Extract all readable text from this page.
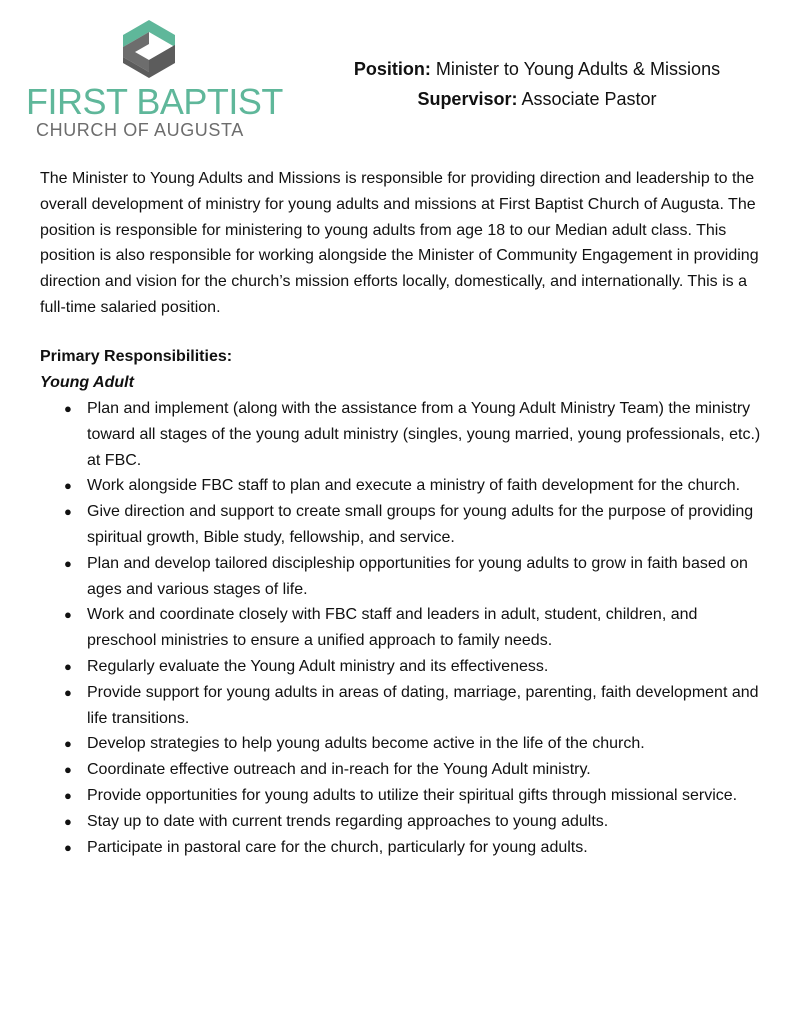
FIRST BAPTIST
CHURCH OF AUGUSTA
Position: Minister to Young Adults & Missions
Supervisor: Associate Pastor

The Minister to Young Adults and Missions is responsible for providing direction and leadership to the overall development of ministry for young adults and missions at First Baptist Church of Augusta. The position is responsible for ministering to young adults from age 18 to our Median adult class. This position is also responsible for working alongside the Minister of Community Engagement in providing direction and vision for the church’s mission efforts locally, domestically, and internationally. This is a full-time salaried position.

Primary Responsibilities:
Young Adult
● Plan and implement (along with the assistance from a Young Adult Ministry Team) the ministry toward all stages of the young adult ministry (singles, young married, young professionals, etc.) at FBC.
● Work alongside FBC staff to plan and execute a ministry of faith development for the church.
● Give direction and support to create small groups for young adults for the purpose of providing spiritual growth, Bible study, fellowship, and service.
● Plan and develop tailored discipleship opportunities for young adults to grow in faith based on ages and various stages of life.
● Work and coordinate closely with FBC staff and leaders in adult, student, children, and preschool ministries to ensure a unified approach to family needs.
● Regularly evaluate the Young Adult ministry and its effectiveness.
● Provide support for young adults in areas of dating, marriage, parenting, faith development and life transitions.
● Develop strategies to help young adults become active in the life of the church.
● Coordinate effective outreach and in-reach for the Young Adult ministry.
● Provide opportunities for young adults to utilize their spiritual gifts through missional service.
● Stay up to date with current trends regarding approaches to young adults.
● Participate in pastoral care for the church, particularly for young adults.
